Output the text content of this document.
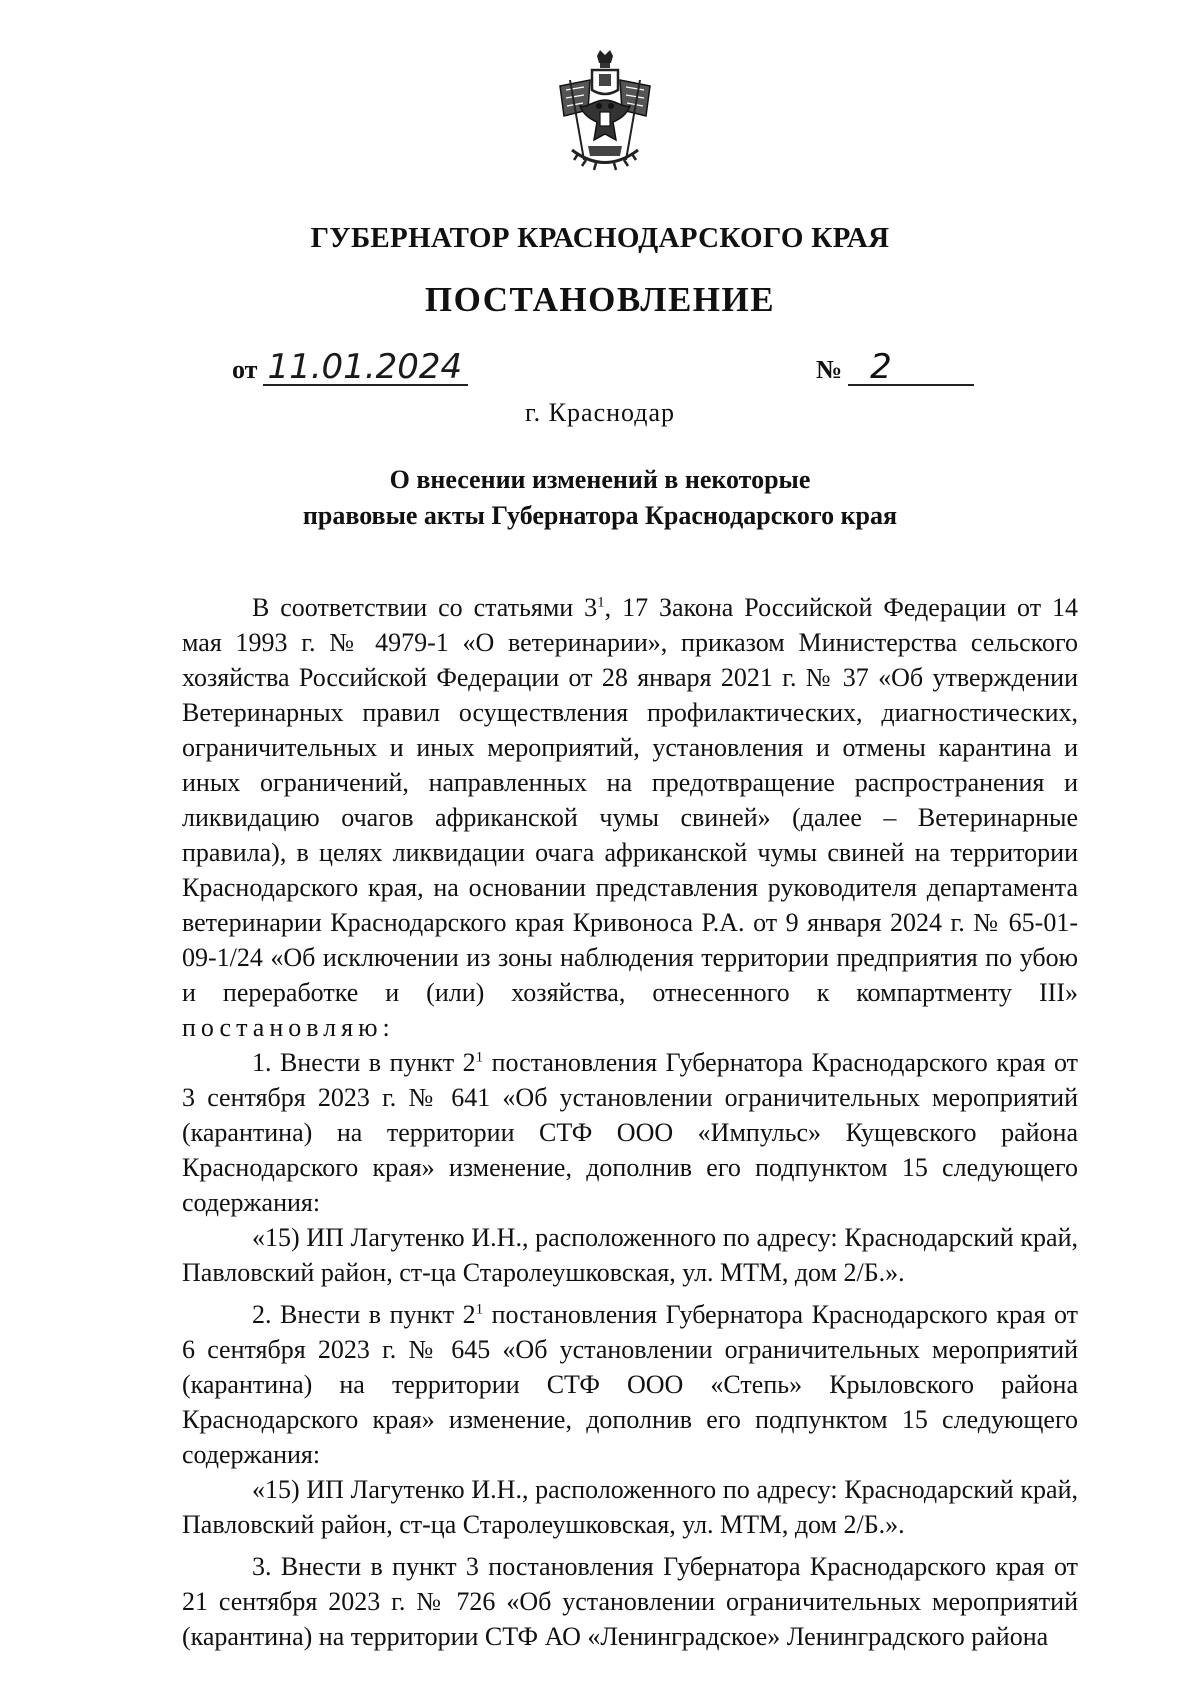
ГУБЕРНАТОР КРАСНОДАРСКОГО КРАЯ
ПОСТАНОВЛЕНИЕ
от 11.01.2024	№ 2
г. Краснодар
О внесении изменений в некоторые
правовые акты Губернатора Краснодарского края

В соответствии со статьями $3^1$, 17 Закона Российской Федерации от 14 мая 1993 г. № 4979-1 «О ветеринарии», приказом Министерства сельского хозяйства Российской Федерации от 28 января 2021 г. № 37 «Об утверждении Ветеринарных правил осуществления профилактических, диагностических, ограничительных и иных мероприятий, установления и отмены карантина и иных ограничений, направленных на предотвращение распространения и ликвидацию очагов африканской чумы свиней» (далее – Ветеринарные правила), в целях ликвидации очага африканской чумы свиней на территории Краснодарского края, на основании представления руководителя департамента ветеринарии Краснодарского края Кривоноса Р.А. от 9 января 2024 г. № 65-01-09-1/24 «Об исключении из зоны наблюдения территории предприятия по убою и переработке и (или) хозяйства, отнесенного к компартменту III» постановляю:

1. Внести в пункт $2^1$ постановления Губернатора Краснодарского края от 3 сентября 2023 г. № 641 «Об установлении ограничительных мероприятий (карантина) на территории СТФ ООО «Импульс» Кущевского района Краснодарского края» изменение, дополнив его подпунктом 15 следующего содержания:

«15) ИП Лагутенко И.Н., расположенного по адресу: Краснодарский край, Павловский район, ст-ца Старолеушковская, ул. МТМ, дом 2/Б.».

2. Внести в пункт $2^1$ постановления Губернатора Краснодарского края от 6 сентября 2023 г. № 645 «Об установлении ограничительных мероприятий (карантина) на территории СТФ ООО «Степь» Крыловского района Краснодарского края» изменение, дополнив его подпунктом 15 следующего содержания:

«15) ИП Лагутенко И.Н., расположенного по адресу: Краснодарский край, Павловский район, ст-ца Старолеушковская, ул. МТМ, дом 2/Б.».

3. Внести в пункт 3 постановления Губернатора Краснодарского края от 21 сентября 2023 г. № 726 «Об установлении ограничительных мероприятий (карантина) на территории СТФ АО «Ленинградское» Ленинградского района
